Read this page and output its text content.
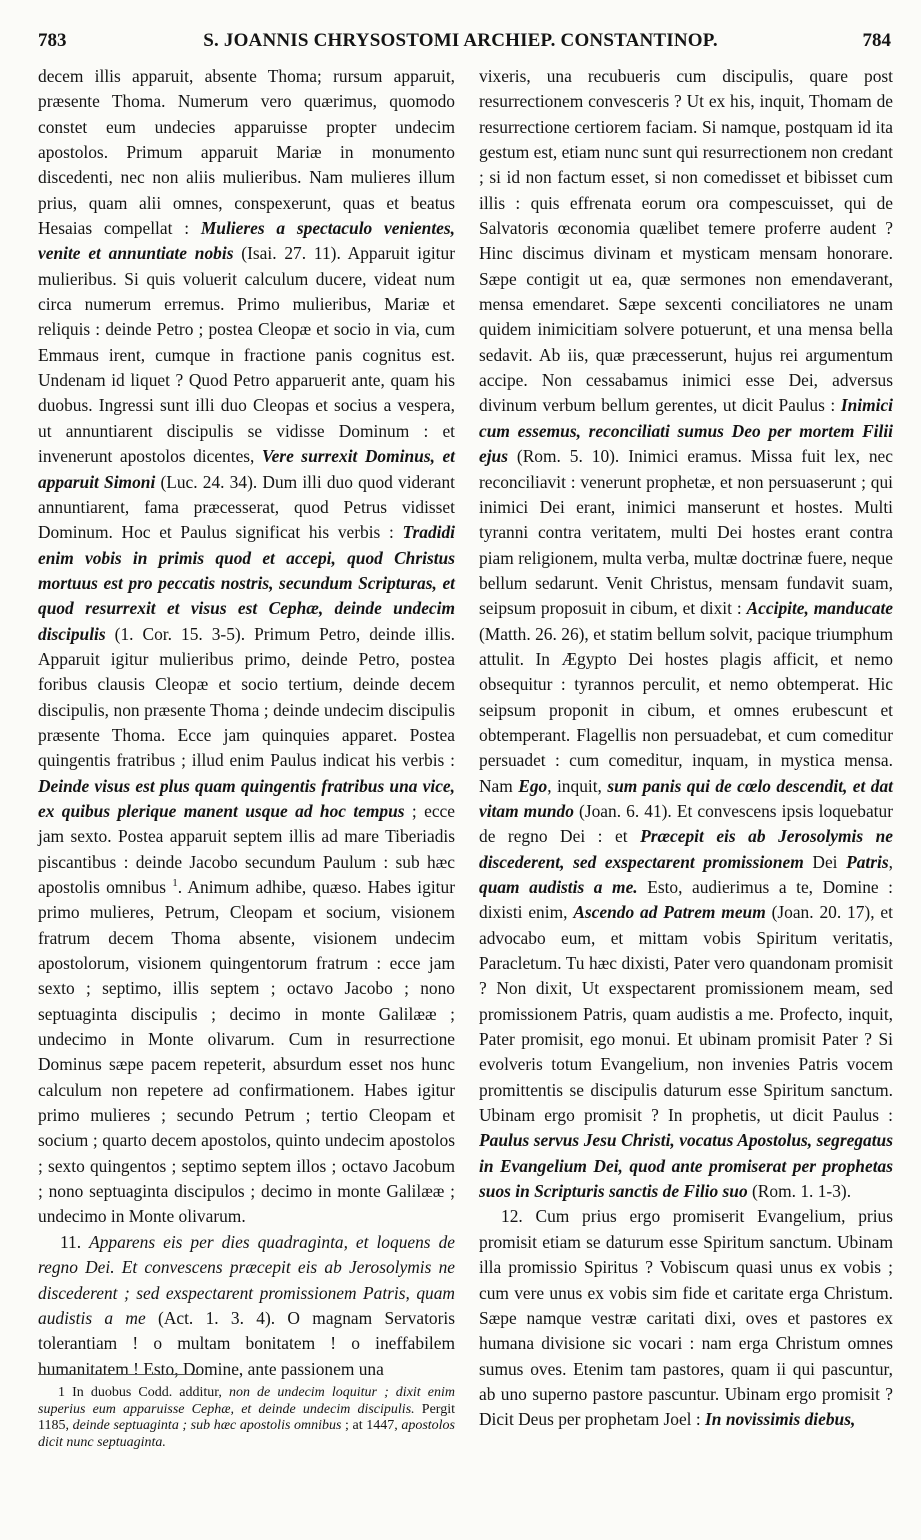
783	S. JOANNIS CHRYSOSTOMI ARCHIEP. CONSTANTINOP.	784

decem illis apparuit, absente Thoma; rursum apparuit, præsente Thoma. Numerum vero quærimus, quomodo constet eum undecies apparuisse propter undecim apostolos. Primum apparuit Mariæ in monumento discedenti, nec non aliis mulieribus. Nam mulieres illum prius, quam alii omnes, conspexerunt, quas et beatus Hesaias compellat : Mulieres a spectaculo venientes, venite et annuntiate nobis (Isai. 27. 11). Apparuit igitur mulieribus. Si quis voluerit calculum ducere, videat num circa numerum erremus. Primo mulieribus, Mariæ et reliquis : deinde Petro ; postea Cleopæ et socio in via, cum Emmaus irent, cumque in fractione panis cognitus est. Undenam id liquet ? Quod Petro apparuerit ante, quam his duobus. Ingressi sunt illi duo Cleopas et socius a vespera, ut annuntiarent discipulis se vidisse Dominum : et invenerunt apostolos dicentes, Vere surrexit Dominus, et apparuit Simoni (Luc. 24. 34). Dum illi duo quod viderant annuntiarent, fama præcesserat, quod Petrus vidisset Dominum. Hoc et Paulus significat his verbis : Tradidi enim vobis in primis quod et accepi, quod Christus mortuus est pro peccatis nostris, secundum Scripturas, et quod resurrexit et visus est Cephæ, deinde undecim discipulis (1. Cor. 15. 3-5). Primum Petro, deinde illis. Apparuit igitur mulieribus primo, deinde Petro, postea foribus clausis Cleopæ et socio tertium, deinde decem discipulis, non præsente Thoma ; deinde undecim discipulis præsente Thoma. Ecce jam quinquies apparet. Postea quingentis fratribus ; illud enim Paulus indicat his verbis : Deinde visus est plus quam quingentis fratribus una vice, ex quibus plerique manent usque ad hoc tempus ; ecce jam sexto. Postea apparuit septem illis ad mare Tiberiadis piscantibus : deinde Jacobo secundum Paulum : sub hæc apostolis omnibus $^1$. Animum adhibe, quæso. Habes igitur primo mulieres, Petrum, Cleopam et socium, visionem fratrum decem Thoma absente, visionem undecim apostolorum, visionem quingentorum fratrum : ecce jam sexto ; septimo, illis septem ; octavo Jacobo ; nono septuaginta discipulis ; decimo in monte Galilææ ; undecimo in Monte olivarum. Cum in resurrectione Dominus sæpe pacem repeterit, absurdum esset nos hunc calculum non repetere ad confirmationem. Habes igitur primo mulieres ; secundo Petrum ; tertio Cleopam et socium ; quarto decem apostolos, quinto undecim apostolos ; sexto quingentos ; septimo septem illos ; octavo Jacobum ; nono septuaginta discipulos ; decimo in monte Galilææ ; undecimo in Monte olivarum.

11. Apparens eis per dies quadraginta, et loquens de regno Dei. Et convescens præcepit eis ab Jerosolymis ne discederent ; sed exspectarent promissionem Patris, quam audistis a me (Act. 1. 3. 4). O magnam Servatoris tolerantiam ! o multam bonitatem ! o ineffabilem humanitatem ! Esto, Domine, ante passionem una

1 In duobus Codd. additur, non de undecim loquitur ; dixit enim superius eum apparuisse Cephæ, et deinde undecim discipulis. Pergit 1185, deinde septuaginta ; sub hæc apostolis omnibus ; at 1447, apostolos dicit nunc septuaginta.

vixeris, una recubueris cum discipulis, quare post resurrectionem convesceris ? Ut ex his, inquit, Thomam de resurrectione certiorem faciam. Si namque, postquam id ita gestum est, etiam nunc sunt qui resurrectionem non credant ; si id non factum esset, si non comedisset et bibisset cum illis : quis effrenata eorum ora compescuisset, qui de Salvatoris œconomia quælibet temere proferre audent ? Hinc discimus divinam et mysticam mensam honorare. Sæpe contigit ut ea, quæ sermones non emendaverant, mensa emendaret. Sæpe sexcenti conciliatores ne unam quidem inimicitiam solvere potuerunt, et una mensa bella sedavit. Ab iis, quæ præcesserunt, hujus rei argumentum accipe. Non cessabamus inimici esse Dei, adversus divinum verbum bellum gerentes, ut dicit Paulus : Inimici cum essemus, reconciliati sumus Deo per mortem Filii ejus (Rom. 5. 10). Inimici eramus. Missa fuit lex, nec reconciliavit : venerunt prophetæ, et non persuaserunt ; qui inimici Dei erant, inimici manserunt et hostes. Multi tyranni contra veritatem, multi Dei hostes erant contra piam religionem, multa verba, multæ doctrinæ fuere, neque bellum sedarunt. Venit Christus, mensam fundavit suam, seipsum proposuit in cibum, et dixit : Accipite, manducate (Matth. 26. 26), et statim bellum solvit, pacique triumphum attulit. In Ægypto Dei hostes plagis afficit, et nemo obsequitur : tyrannos perculit, et nemo obtemperat. Hic seipsum proponit in cibum, et omnes erubescunt et obtemperant. Flagellis non persuadebat, et cum comeditur persuadet : cum comeditur, inquam, in mystica mensa. Nam Ego, inquit, sum panis qui de cœlo descendit, et dat vitam mundo (Joan. 6. 41). Et convescens ipsis loquebatur de regno Dei : et Præcepit eis ab Jerosolymis ne discederent, sed exspectarent promissionem Dei Patris, quam audistis a me. Esto, audierimus a te, Domine : dixisti enim, Ascendo ad Patrem meum (Joan. 20. 17), et advocabo eum, et mittam vobis Spiritum veritatis, Paracletum. Tu hæc dixisti, Pater vero quandonam promisit ? Non dixit, Ut exspectarent promissionem meam, sed promissionem Patris, quam audistis a me. Profecto, inquit, Pater promisit, ego monui. Et ubinam promisit Pater ? Si evolveris totum Evangelium, non invenies Patris vocem promittentis se discipulis daturum esse Spiritum sanctum. Ubinam ergo promisit ? In prophetis, ut dicit Paulus : Paulus servus Jesu Christi, vocatus Apostolus, segregatus in Evangelium Dei, quod ante promiserat per prophetas suos in Scripturis sanctis de Filio suo (Rom. 1. 1-3).

12. Cum prius ergo promiserit Evangelium, prius promisit etiam se daturum esse Spiritum sanctum. Ubinam illa promissio Spiritus ? Vobiscum quasi unus ex vobis ; cum vere unus ex vobis sim fide et caritate erga Christum. Sæpe namque vestræ caritati dixi, oves et pastores ex humana divisione sic vocari : nam erga Christum omnes sumus oves. Etenim tam pastores, quam ii qui pascuntur, ab uno superno pastore pascuntur. Ubinam ergo promisit ? Dicit Deus per prophetam Joel : In novissimis diebus,
